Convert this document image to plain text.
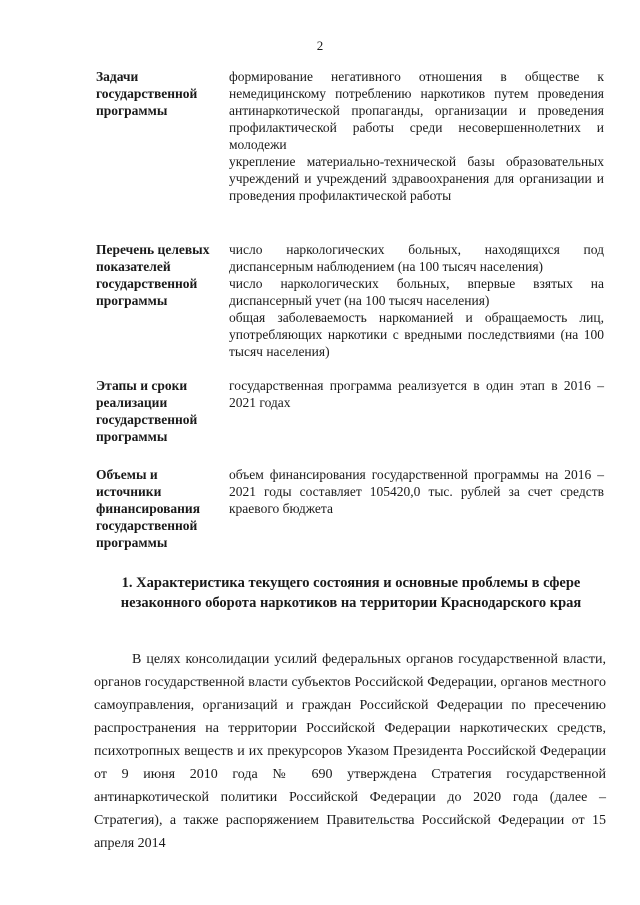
2
Задачи государственной программы

формирование негативного отношения в обществе к немедицинскому потреблению наркотиков путем проведения антинаркотической пропаганды, организации и проведения профилактической работы среди несовершеннолетних и молодежи

укрепление материально-технической базы образовательных учреждений и учреждений здравоохранения для организации и проведения профилактической работы

Перечень целевых показателей государственной программы

число наркологических больных, находящихся под диспансерным наблюдением (на 100 тысяч населения)

число наркологических больных, впервые взятых на диспансерный учет (на 100 тысяч населения)

общая заболеваемость наркоманией и обращаемость лиц, употребляющих наркотики с вредными последствиями (на 100 тысяч населения)

Этапы и сроки реализации государственной программы

государственная программа реализуется в один этап в 2016 – 2021 годах

Объемы и источники финансирования государственной программы

объем финансирования государственной программы на 2016 – 2021 годы составляет 105420,0 тыс. рублей за счет средств краевого бюджета

1. Характеристика текущего состояния и основные проблемы в сфере незаконного оборота наркотиков на территории Краснодарского края

В целях консолидации усилий федеральных органов государственной власти, органов государственной власти субъектов Российской Федерации, органов местного самоуправления, организаций и граждан Российской Федерации по пресечению распространения на территории Российской Федерации наркотических средств, психотропных веществ и их прекурсоров Указом Президента Российской Федерации от 9 июня 2010 года № 690 утверждена Стратегия государственной антинаркотической политики Российской Федерации до 2020 года (далее – Стратегия), а также распоряжением Правительства Российской Федерации от 15 апреля 2014
